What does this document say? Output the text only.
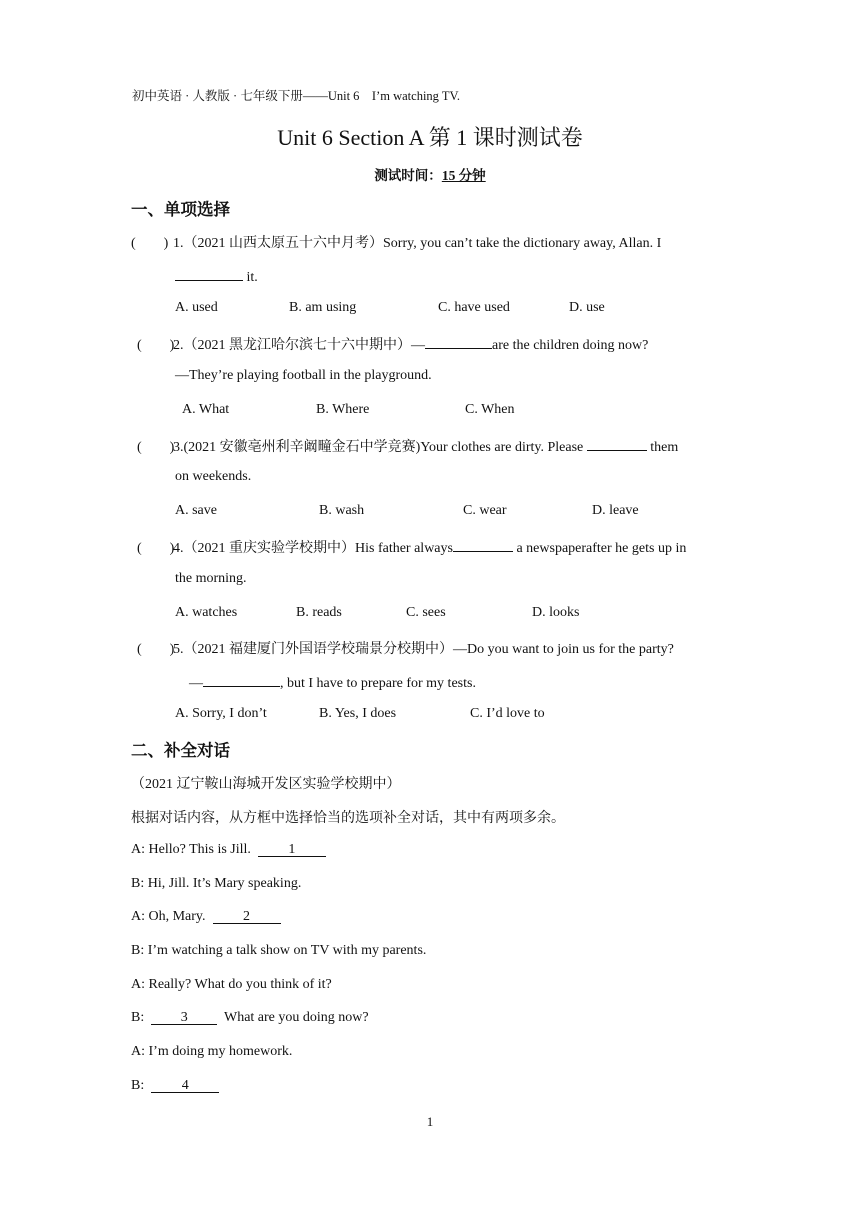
初中英语 · 人教版 · 七年级下册——Unit 6　I’m watching TV.
Unit 6 Section A 第 1 课时测试卷
测试时间：15 分钟
一、单项选择
(　　) 1.（2021 山西太原五十六中月考）Sorry, you can’t take the dictionary away, Allan. I
it.
A. used	B. am using	C. have used	D. use
(　　)
2.（2021 黑龙江哈尔滨七十六中期中）—	are the children doing now?
—They’re playing football in the playground.
A. What	B. Where	C. When
(　　)
3.(2021 安徽亳州利辛阚疃金石中学竞赛)Your clothes are dirty. Please	them
on weekends.
A. save	B. wash	C. wear	D. leave
(　　)
4.（2021 重庆实验学校期中）His father always	a newspaperafter he gets up in
the morning.
A. watches	B. reads	C. sees	D. looks
(　　)
5.（2021 福建厦门外国语学校瑞景分校期中）—Do you want to join us for the party?
—	, but I have to prepare for my tests.
A. Sorry, I don’t	B. Yes, I does	C. I’d love to
二、补全对话
（2021 辽宁鞍山海城开发区实验学校期中）
根据对话内容，从方框中选择恰当的选项补全对话，其中有两项多余。
A: Hello? This is Jill.	1
B: Hi, Jill. It’s Mary speaking.
A: Oh, Mary.	2
B: I’m watching a talk show on TV with my parents.
A: Really? What do you think of it?
B:	3	What are you doing now?
A: I’m doing my homework.
B:	4
1
